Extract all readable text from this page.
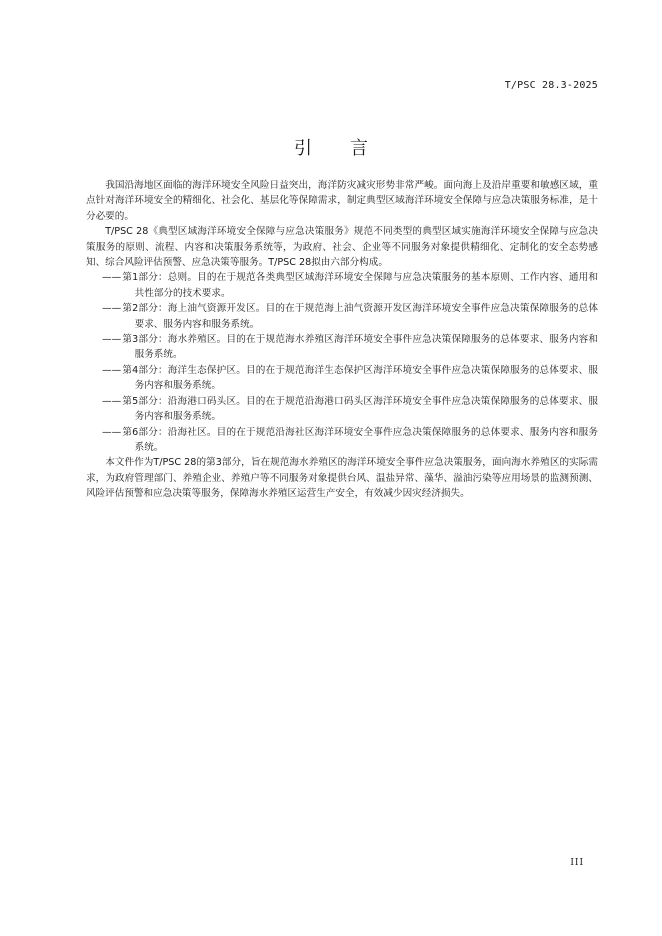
T/PSC 28.3-2025
引 言

我国沿海地区面临的海洋环境安全风险日益突出，海洋防灾减灾形势非常严峻。面向海上及沿岸重要和敏感区域，重点针对海洋环境安全的精细化、社会化、基层化等保障需求，制定典型区域海洋环境安全保障与应急决策服务标准，是十分必要的。

T/PSC 28《典型区域海洋环境安全保障与应急决策服务》规范不同类型的典型区域实施海洋环境安全保障与应急决策服务的原则、流程、内容和决策服务系统等，为政府、社会、企业等不同服务对象提供精细化、定制化的安全态势感知、综合风险评估预警、应急决策等服务。T/PSC 28拟由六部分构成。

——第1部分：总则。目的在于规范各类典型区域海洋环境安全保障与应急决策服务的基本原则、工作内容、通用和共性部分的技术要求。
——第2部分：海上油气资源开发区。目的在于规范海上油气资源开发区海洋环境安全事件应急决策保障服务的总体要求、服务内容和服务系统。
——第3部分：海水养殖区。目的在于规范海水养殖区海洋环境安全事件应急决策保障服务的总体要求、服务内容和服务系统。
——第4部分：海洋生态保护区。目的在于规范海洋生态保护区海洋环境安全事件应急决策保障服务的总体要求、服务内容和服务系统。
——第5部分：沿海港口码头区。目的在于规范沿海港口码头区海洋环境安全事件应急决策保障服务的总体要求、服务内容和服务系统。
——第6部分：沿海社区。目的在于规范沿海社区海洋环境安全事件应急决策保障服务的总体要求、服务内容和服务系统。

本文件作为T/PSC 28的第3部分，旨在规范海水养殖区的海洋环境安全事件应急决策服务，面向海水养殖区的实际需求，为政府管理部门、养殖企业、养殖户等不同服务对象提供台风、温盐异常、藻华、溢油污染等应用场景的监测预测、风险评估预警和应急决策等服务，保障海水养殖区运营生产安全，有效减少因灾经济损失。

III
